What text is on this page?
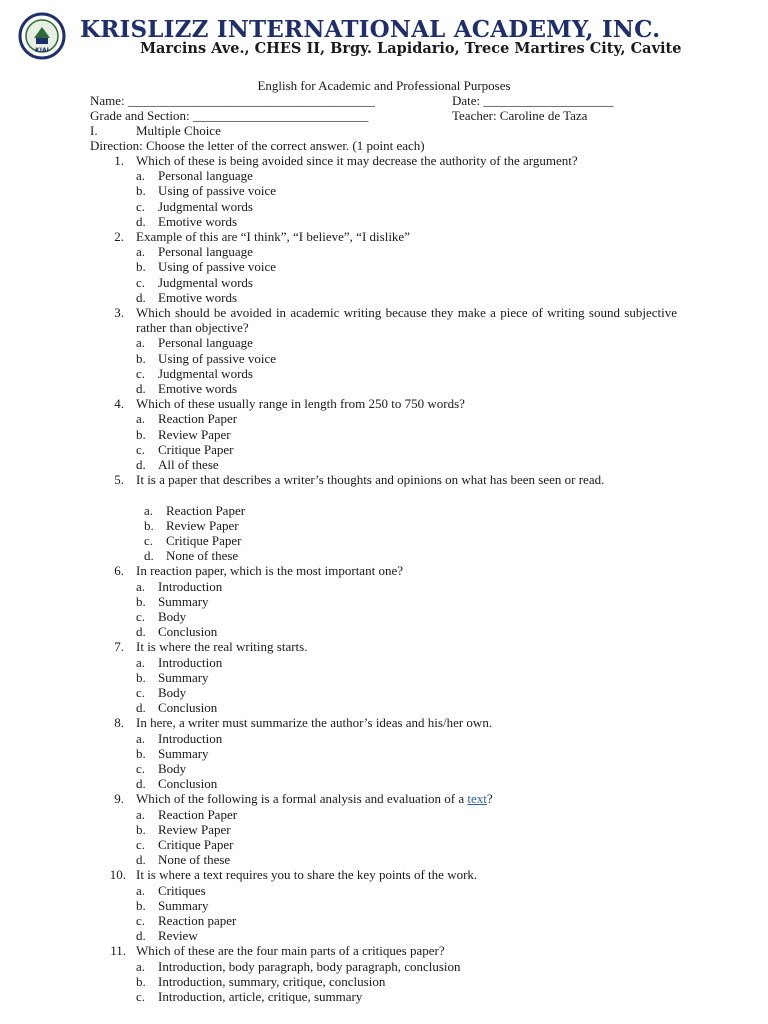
KIAI
KRISLIZZ INTERNATIONAL ACADEMY, INC.
Marcins Ave., CHES II, Brgy. Lapidario, Trece Martires City, Cavite
English for Academic and Professional Purposes
Name: ______________________________________	Date: ____________________
Grade and Section: ___________________________	Teacher: Caroline de Taza
I.	Multiple Choice
Direction: Choose the letter of the correct answer. (1 point each)
1. Which of these is being avoided since it may decrease the authority of the argument?
a. Personal language
b. Using of passive voice
c. Judgmental words
d. Emotive words
2. Example of this are “I think”, “I believe”, “I dislike”
a. Personal language
b. Using of passive voice
c. Judgmental words
d. Emotive words
3. Which should be avoided in academic writing because they make a piece of writing sound subjective rather than objective?
a. Personal language
b. Using of passive voice
c. Judgmental words
d. Emotive words
4. Which of these usually range in length from 250 to 750 words?
a. Reaction Paper
b. Review Paper
c. Critique Paper
d. All of these
5. It is a paper that describes a writer’s thoughts and opinions on what has been seen or read.
a. Reaction Paper
b. Review Paper
c. Critique Paper
d. None of these
6. In reaction paper, which is the most important one?
a. Introduction
b. Summary
c. Body
d. Conclusion
7. It is where the real writing starts.
a. Introduction
b. Summary
c. Body
d. Conclusion
8. In here, a writer must summarize the author’s ideas and his/her own.
a. Introduction
b. Summary
c. Body
d. Conclusion
9. Which of the following is a formal analysis and evaluation of a text?
a. Reaction Paper
b. Review Paper
c. Critique Paper
d. None of these
10. It is where a text requires you to share the key points of the work.
a. Critiques
b. Summary
c. Reaction paper
d. Review
11. Which of these are the four main parts of a critiques paper?
a. Introduction, body paragraph, body paragraph, conclusion
b. Introduction, summary, critique, conclusion
c. Introduction, article, critique, summary
